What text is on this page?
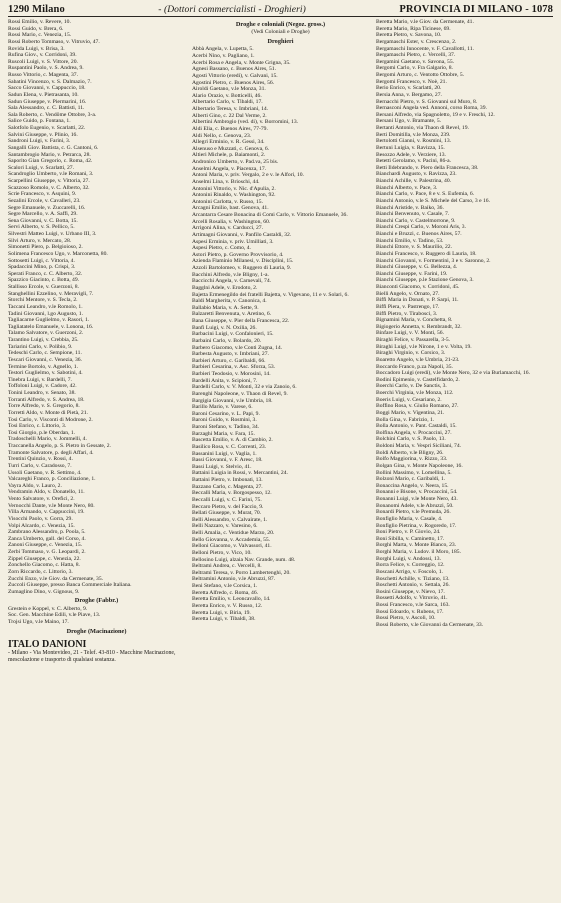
1290 Milano	- (Dottori commercialisti - Droghieri)	PROVINCIA DI MILANO - 1078
Rossi Emilio, v. Revere, 10.
Rossi Guido, v. Brera, 6.
Rossi Mario, c. Venezia, 15.
Rossi Roberto Tommaso, v. Vitruvio, 47.
Rovida Luigi, v. Brisa, 3.
Rufina Giov., v. Corridoni, 39.
Ruscoli Luigi, v. S. Vittore, 20.
Ruspantini Paolo, v. S. Andrea, 9.
Russo Vittorio, c. Magenta, 37.
Sabatini Vincenzo, v. S. Dalmazio, 7.
Sacco Giovanni, v. Cappuccio, 18.
Sadun Elena, v. Pietrasanta, 10.
Sadun Giuseppe, v. Piermarini, 16.
Sala Alessandro, c. C. Battisti, 11.
Sala Roberto, c. Vendôme Ottobre, 3-a.
Salice Guido, p. Fontana, 1.
Salotfolo Eugenio, v. Scarlatti, 22.
Salvini Giuseppe, v. Plinio, 16.
Sandroni Luigi, v. Farini, 3.
Sangalli Giov. Battista, c. G. Cantoni, 6.
Santambrogio Mario, v. Petrarca, 28.
Saporito Gian Gregorio, c. Roma, 42.
Scalori Luigi, v. Scarlatti, 27.
Scandroglio Umberto, v.le Romanì, 3.
Scarpellini Giuseppe, v. Vittoria, 27.
Scazzoso Romolo, v. C. Alberto, 32.
Scrie Francesco, v. Asquini, 9.
Sezalini Ercole, v. Cavalleri, 23.
Segre Emanuele, v. Zuccarelli, 16.
Segre Marcello, v. A. Saffi, 29.
Sena Giovanni, v. C. Botta, 15.
Servi Alberto, v. S. Pellico, 5.
Silvestri Matteo Luigi, v. Urbano III, 3.
Silvi Arturo, v. Mercato, 28.
Simonetti Piero, p. Belgioioso, 2.
Solimena Francesco Ugo, v. Marconetta, 80.
Sottosetti Luigi, c. Vittoria, 4.
Spadaccini Mino, p. Crispi, 3.
Sperati Franco, c. C. Alberto, 32.
Spazzico Giacinto, c. Botta, 49.
Stallisso Ercole, v. Guerzoni, 8.
Stanghellini Ezzelino, v. Meravigli, 7.
Storchi Mentore, v. S. Tecla, 2.
Taccani Leandro, v.le Romolo, 1.
Tadini Giovanni, l.go Augusto, 1.
Tagliacarne Guglielmo, v. Rasori, 1.
Tagliatatelo Emanuele, v. Lonona, 16.
Talamo Salvatore, v. Guerzoni, 2.
Tarantino Luigi, v. Crebbia, 25.
Tariarini Carlo, v. Polibio, 9.
Tedeschi Carlo, c. Sempione, 11.
Tescari Giovanni, c. Venezia, 36.
Termine Bortolo, v. Agnello, 1.
Testori Guglielmo, v. Sabotini, 4.
Tinebra Luigi, v. Bardelli, 7.
Toffoloni Luigi, v. Cadore, 42.
Tonini Leandro, v. Senato, 38.
Torranti Alfredo, v. S. Andrea, 18.
Torre Alfredo, v. S. Gregorio, 8.
Torretti Aldo, v. Monte di Pietà, 21.
Tosi Carlo, v. Visconti di Modrone, 2.
Tosi Enrico, c. Littorio, 3.
Tosi Giorgio, p.le Oberdan, 1.
Tradoschelli Mario, v. Jommelli, 4.
Traccanella Angelo, p. S. Pietro in Gessate, 2.
Tramonte Salvatore, p. degli Affari, 4.
Trentini Quinzio, v. Rossi, 4.
Turri Carlo, v. Caradosso, 7.
Ussoli Gaetano, v. R. Settimo, 4.
Valcareghi Franco, p. Conciliazione, 1.
Vayra Aldo, v. Lauro, 2.
Vendramin Aldo, v. Donatello, 11.
Vento Salvatore, v. Orefici, 2.
Vernocchi Dante, v.le Monte Nero, 80.
Villa Armando, v. Cappuccini, 19.
Visocchi Paolo, v. Gorra, 29.
Volpi Alcardo, c. Venezia, 15.
Zambrano Alessandro, p. Poola, 5.
Zanca Umberto, gall. del Corso, 4.
Zanoni Giuseppe, c. Venezia, 15.
Zerbi Tommaso, v. G. Leopardi, 2.
Zippel Giuseppe, c. Venezia, 22.
Zonchello Giacomo, c. Hatta, 8.
Zorn Riccardo, c. Littorio, 3.
Zucchi Enzo, v.le Giov. da Cermenate, 35.
Zuccoli Giuseppe, presso Banca Commerciale Italiana.
Zumaglino Dino, v. Gignous, 9.
Droghe (Fabbr.)
Grestein e Koppel, v. C. Alberto, 9.
Soc. Gen. Macchine Edili, v.le Piave, 13.
Trojsi Ugo, v.le Maino, 17.
Droghe (Macinazione)
ITALO DANIONI
- Milano - Via Montevideo, 21 - Telef. 43-810 - Macchine Macinazione, mescolazione e trasporto di qualsiasi sostanza.
Droghe e coloniali (Negoz. gross.)
(Vedi Coloniali e Droghe)
Droghieri
Abbà Angela, v. Lupetta, 5.
Acerbi Nino, v. Pagliano, 1.
Acerbi Rosa e Angela, v. Monte Grigna, 35.
Agnesi Bassano, c. Buenos Aires, 51.
Agosti Vittorio (eredi), v. Galvani, 15.
Agostini Pietro, c. Buenos Aires, 56.
Airoldi Gaetano, v.le Monza, 31.
Alario Orazio, v. Botticelli, 46.
Albertario Carlo, v. Tibaldi, 17.
Albertario Teresa, v. Imbriani, 14.
Alberti Gino, c. 22 Dal Verme, 2.
Albertini Ambrogio (ved. di), v. Borromini, 13.
Aldi Elia, c. Buenos Aires, 77-79.
Aldi Nello, c. Genova, 23.
Allegri Erminio, v. R. Gessi, 34.
Alsenuso e Muzzati, c. Genova, 6.
Altieri Michele, p. Baiamonti, 2.
Andronico Umberto, v. Pad.va, 25 bis.
Anselmi Angela, v. Piacenza, 17.
Antonì Maria, v. priv. Vergalo, 2 e v. le Alfori, 10.
Anselmi Lina, v. Brioschi, 44.
Antonini Vittorio, v. Nic. d'Apulia, 2.
Antonini Rinaldo, v. Washington, 92.
Antonini Carlotta, v. Russo, 15.
Arcagni Emilio, bast. Genova, 41.
Arcantarra Cesare Bonacina di Comi Carlo, v. Vittorio Emanuele, 36.
Arcelli Rosalia, v. Washington, 60.
Arrigoni Alina, v. Carducci, 27.
Artimagni Giovanni, v. Panfilo Castaldi, 32.
Aspesi Erminia, v. priv. Umilliati, 3.
Aspesi Pietro, c. Como, 4.
Astori Pietro, p. Governo Provvisorio, 4.
Azienda Flaminio Milanesi, v. Disciplini, 15.
Azzoli Bartolomeo, v. Ruggero di Lauria, 9.
Bacchini Alfredo, v.le Bligny, 1-a.
Baccicchi Angela, v. Carnevali, 74.
Bagglni Adele, v. Erodoto, 2.
Bajetta Ermenegildo dei fratelli Bajetta, v. Vigevano, 11 e v. Solari, 6.
Baldi Margherita, v. Canonica, 4.
Ballabio Maria, v. A. Sette, 9.
Balzaretti Benvenuta, v. Aretino, 6.
Bana Giuseppe, v. Pier della Francesca, 22.
Banfi Luigi, v. N. Oxilia, 26.
Barbacini Luigi, v. Confalonieri, 15.
Barbaini Carlo, v. Bolardo, 20.
Barbero Giacomo, v.le Conti Zugna, 14.
Barbesta Augusto, v. Imbriani, 27.
Barbieri Arturo, c. Garibaldi, 66.
Barbieri Cesarina, v. Asc. Sforza, 53.
Barbieri Teodosio, v. Morosini, 14.
Bardelli Anita, v. Scipioni, 7.
Bardelli Carlo, v. V. Monti, 32 e via Zanoio, 6.
Barenghi Napoleone, v. Thaon di Revel, 9.
Bargigia Giovanni, v.le Umbria, 18.
Barillo Mario, v. Varese, 6.
Baroni Cesarino, v. L. Papi, 9.
Baroni Guido, v. Rosmini, 3.
Baroni Stefano, v. Tadino, 34.
Barzaghi Maria, v. Fara, 15.
Bascetta Emilio, v. A. di Cambio, 2.
Basilico Rosa, v. C. Correnti, 23.
Bassanini Luigi, v. Vaglia, 1.
Bassi Giovanni, v. F. Aresc, 18.
Bassi Luigi, v. Stelvio, 41.
Battaini Luigia in Rossi, v. Mercantini, 24.
Battaini Pietro, v. Imbonati, 13.
Bazzano Carlo, c. Magenta, 27.
Beccalli Maria, v. Borgospesso, 12.
Beccalli Luigi, v. C. Farini, 75.
Beccaro Pietro, v. del Faccio, 9.
Bellati Giuseppe, v. Murat, 70.
Belli Alessandro, v. Calvairate, 1.
Belli Nazzaro, v. Varesino, 6.
Belli Amalia, c. Ventidue Marzo, 20.
Bello Giovanna, v. Accademia, 55.
Belloni Giacomo, v. Valvassori, 41.
Belloni Pietro, v. Vico, 10.
Bellosino Luigi, alzaia Nav. Grande, num. 48.
Beltrami Andrea, c. Vercelli, 8.
Beltrami Teresa, v. Porro Lambertenghi, 20.
Beltramini Antonio, v.le Abruzzi, 87.
Beni Stefano, v.le Corsica, 1.
Beretta Alfredo, c. Roma, 46.
Beretta Emilio, v. Leoncavallo, 14.
Beretta Enrico, v. V. Russo, 12.
Beretta Luigi, v. Biria, 19.
Beretta Luigi, v. Tibaldi, 38.
Beretta Mario, v.le Giov. da Cermenate, 41.
Beretta Mario, Ripa Ticinese, 69.
Beretta Pietro, v. Savona, 10.
Bergamaschi Ester, v. Crescenzo, 2.
Bergamaschi Innocente, v. F. Cavallotti, 11.
Bergamaschi Pietro, c. Vercelli, 37.
Bergamini Gaetano, v. Savona, 55.
Bergomi Carlo, v. Fra Galgario, 8.
Bergomi Arturo, c. Ventotto Ottobre, 5.
Bergomi Francesco, v. Noè, 21.
Berio Enrico, v. Scarlatti, 20.
Bersia Anna, v. Bergamo, 27.
Bernacchi Pietro, v. S. Giovanni sul Muro, 8.
Bernasconi Angela ved. Annoni, corso Roma, 39.
Bersani Alfredo, via Spagnoletto, 19 e v. Freschi, 12.
Bersani Ugo, v. Bramante, 5.
Bertanti Antonio, via Thaon di Revel, 19.
Berti Domitilla, v.le Monza, 239.
Bertolotti Gianni, v. Rosmini, 13.
Bertuni Luigia, v. Ravizza, 15.
Besozzo Adele, v. Verziere, 13.
Betetti Gerolamo, v. Pacini, 86-a.
Betti Ildebrando, v. Piero della Francesca, 38.
Bianchardi Augusto, v. Ravizza, 23.
Bianchi Achille, v. Palestrina, 40.
Bianchi Alberto, v. Pace, 3.
Bianchi Carlo, v. Pace, 8 e v. S. Eufemia, 6.
Bianchi Antonio, v.le S. Michele del Carso, 3 e 16.
Bianchi Aristide, v. Baiko, 36.
Bianchi Benvenuto, v. Casale, 7.
Bianchi Carlo, v. Castelmorrone, 9.
Bianchi Crespi Carlo, v. Moroni Aris, 3.
Bianchi e Bruzzi, c. Buenos Aires, 57.
Bianchi Emilio, v. Tadino, 53.
Bianchi Ettore, v. S. Maurilio, 22.
Bianchi Francesco, v. Ruggero di Lauria, 18.
Bianchi Giovanni, v. Formentini, 3 e v. Saronno, 2.
Bianchi Giuseppe, v. G. Bellezza, 4.
Bianchi Giuseppe, v. Farini, 19.
Bianchi Giuseppe, p.le Stazione Genova, 3.
Bianconti Giacomo, v. Corridoni, 45.
Bielli Angelo, v. Ornato, 27.
Biffi Maria in Donati, v. P. Sarpi, 11.
Biffi Piera, v. Pastrengo, 17.
Biffi Pietro, v. Tirabosci, 3.
Bignamini Maria, v. Conchetta, 8.
Bigiogerio Annetta, v. Rembrandt, 32.
Binfare Luigi, v. V. Monti, 56.
Biraghi Felice, v. Passarella, 3-5.
Biraghi Luigi, v.le Nirone, 1 e v. Volta, 19.
Biraghi Virginio, v. Corsico, 3.
Boaretto Angelo, v.le Umbria, 21-23.
Boccardo Franco, p.za Napoli, 35.
Boccadoro Luigi (eredi), v.le Monte Nero, 32 e via Burlamacchi, 16.
Bodini Epimenio, v. Castelfidardo, 2.
Boerchi Carlo, v. De Sanctis, 3.
Boerchi Virginia, v.le Monza, 112.
Boeris Luigi, v. Cesariano, 2.
Boffino Rosa, v. Giulio Romano, 27.
Boggi Mario, v. Vigentina, 21.
Bolla Gina, v. Fabrizio, 1.
Bolla Antonio, v. Pant. Castaldi, 15.
Bolfina Angela, v. Procaccini, 27.
Bolchini Carlo, v. S. Paolo, 13.
Boldoni Maria, v. Vespri Siciliani, 74.
Boldi Alberto, v.le Bligny, 26.
Bolfo Maggiorina, v. Rizzo, 33.
Bolgan Gina, v. Monte Napoleone, 16.
Bollini Massimo, v. Lomellina, 5.
Bolzoni Mario, c. Garibaldi, 1.
Bonaccina Angelo, v. Neera, 15.
Bonanni e Bisone, v. Procaccini, 54.
Bonanni Luigi, v.le Monte Nero, 43.
Bonanomi Adele, v.le Abruzzi, 50.
Bonardi Pietro, v.le Premuda, 26.
Bonfiglio Maria, v. Casale, 4.
Bonfiglio Pietrina, v. Rogoredo, 17.
Boni Pietro, v. P. Giovio, 24.
Boni Sibilla, v. Caminetto, 17.
Borghi Marta, v. Monte Bianco, 23.
Borghi Maria, v. Ludov. il Moro, 185.
Borghi Luigi, v. Andossi, 13.
Borra Felice, v. Correggio, 12.
Boscani Arrigo, v. Foscolo, 1.
Boschetti Achille, v. Tiziano, 13.
Boschetti Antonio, v. Settala, 26.
Bosini Giuseppe, v. Nievo, 17.
Bossetti Adolfo, v. Vitruvio, 41.
Bossi Francesco, v.le Sarca, 163.
Bossi Edoardo, v. Rubens, 17.
Bossi Pietro, v. Ascoli, 10.
Bossi Roberto, v.le Giovanni da Cermenate, 33.
